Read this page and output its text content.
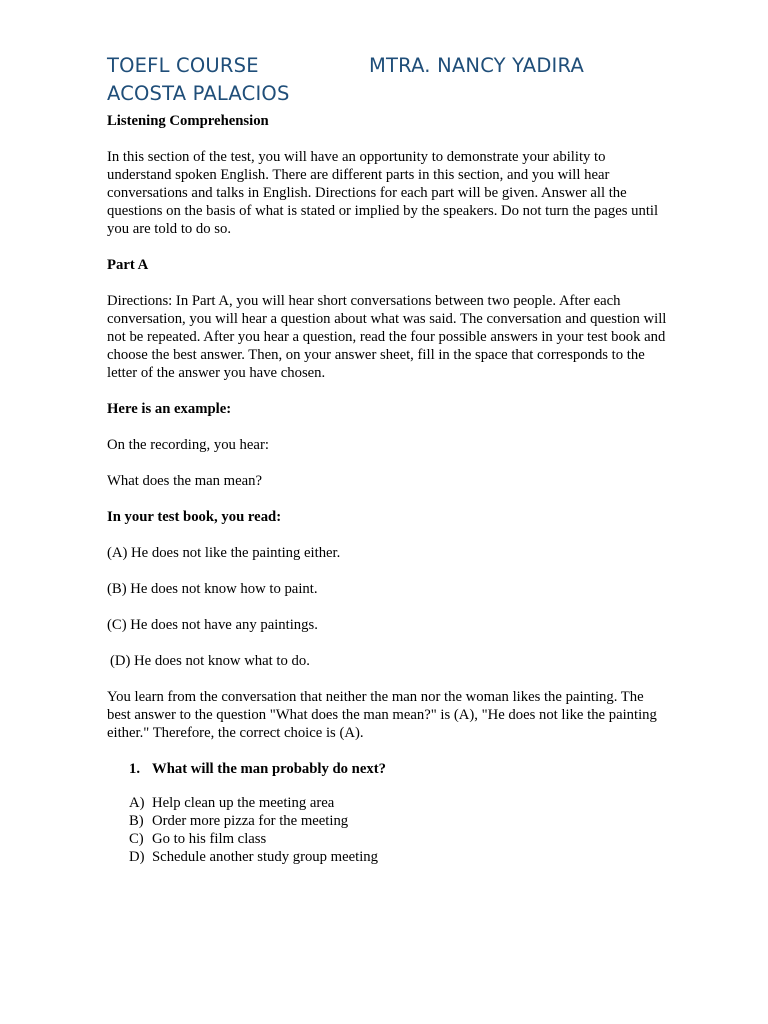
TOEFL COURSE	MTRA. NANCY YADIRA
ACOSTA PALACIOS
Listening Comprehension

In this section of the test, you will have an opportunity to demonstrate your ability to understand spoken English. There are different parts in this section, and you will hear conversations and talks in English. Directions for each part will be given. Answer all the questions on the basis of what is stated or implied by the speakers. Do not turn the pages until you are told to do so.

Part A

Directions: In Part A, you will hear short conversations between two people. After each conversation, you will hear a question about what was said. The conversation and question will not be repeated. After you hear a question, read the four possible answers in your test book and choose the best answer. Then, on your answer sheet, fill in the space that corresponds to the letter of the answer you have chosen.

Here is an example:

On the recording, you hear:

What does the man mean?

In your test book, you read:
(A) He does not like the painting either.
(B) He does not know how to paint.
(C) He does not have any paintings.
(D) He does not know what to do.

You learn from the conversation that neither the man nor the woman likes the painting. The best answer to the question "What does the man mean?" is (A), "He does not like the painting either." Therefore, the correct choice is (A).

1. What will the man probably do next?
A) Help clean up the meeting area
B) Order more pizza for the meeting
C) Go to his film class
D) Schedule another study group meeting
